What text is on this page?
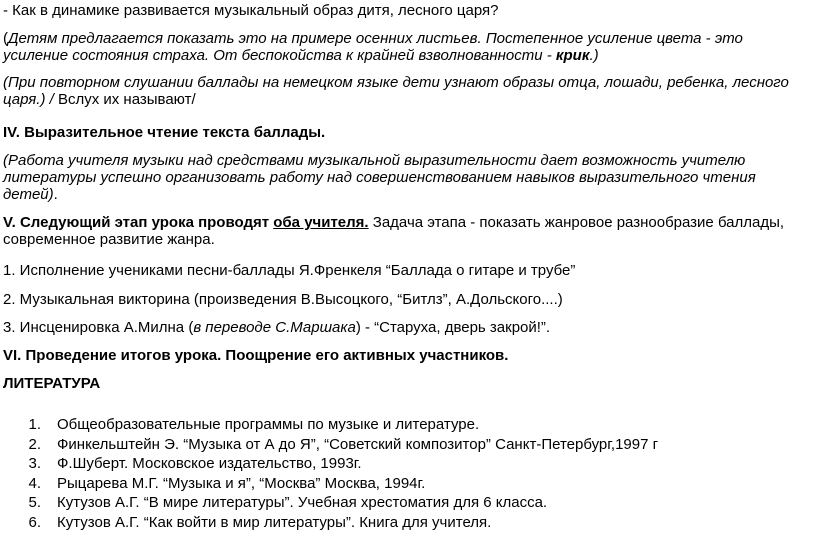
- Как в динамике развивается музыкальный образ дитя, лесного царя?

(Детям предлагается показать это на примере осенних листьев. Постепенное усиление цвета - это усиление состояния страха. От беспокойства к крайней взволнованности - крик.)

(При повторном слушании баллады на немецком языке дети узнают образы отца, лошади, ребенка, лесного царя.) / Вслух их называют/

IV. Выразительное чтение текста баллады.

(Работа учителя музыки над средствами музыкальной выразительности дает возможность учителю литературы успешно организовать работу над совершенствованием навыков выразительного чтения детей).

V. Следующий этап урока проводят оба учителя. Задача этапа - показать жанровое разнообразие баллады, современное развитие жанра.

1. Исполнение учениками песни-баллады Я.Френкеля “Баллада о гитаре и трубе”

2. Музыкальная викторина (произведения В.Высоцкого, “Битлз”, А.Дольского....)

3. Инсценировка А.Милна (в переводе С.Маршака) - “Старуха, дверь закрой!”.

VI. Проведение итогов урока. Поощрение его активных участников.

ЛИТЕРАТУРА

1. Общеобразовательные программы по музыке и литературе.
2. Финкельштейн Э. “Музыка от А до Я”, “Советский композитор” Санкт-Петербург,1997 г
3. Ф.Шуберт. Московское издательство, 1993г.
4. Рыцарева М.Г. “Музыка и я”, “Москва” Москва, 1994г.
5. Кутузов А.Г. “В мире литературы”. Учебная хрестоматия для 6 класса.
6. Кутузов А.Г. “Как войти в мир литературы”. Книга для учителя.
